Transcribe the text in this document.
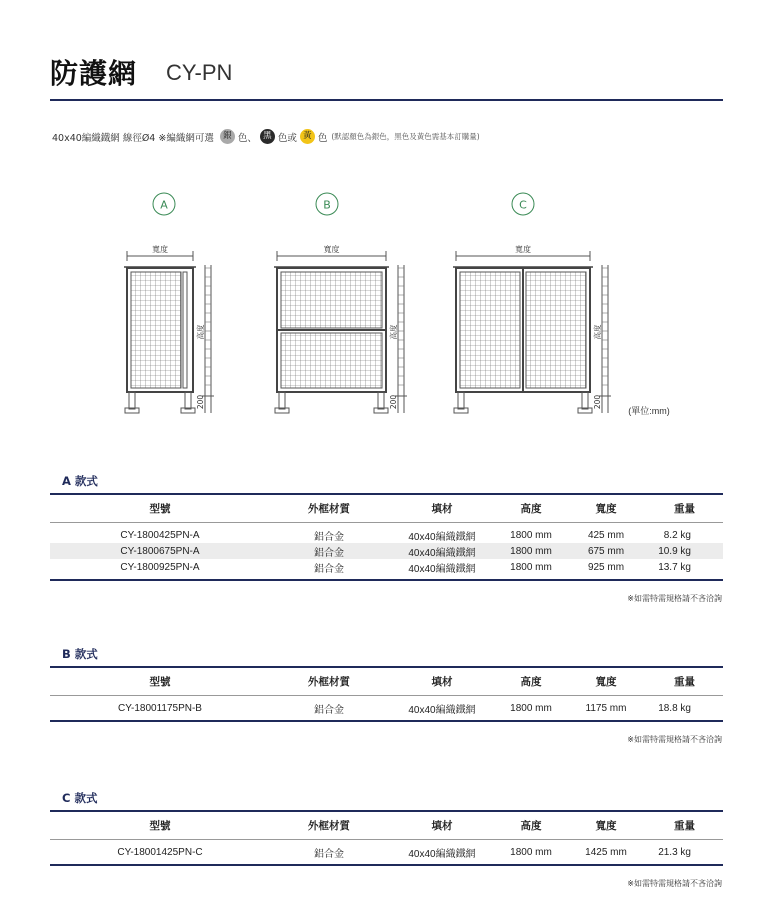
防護網 CY-PN
40x40編織鐵網 線徑Ø4 ※編織網可選	銀 色、 黑 色或 黃 色 (默認顏色為銀色，黑色及黃色需基本訂購量)
A
寬度
高度
200
B
寬度
高度
200
C
寬度
高度
200
(單位:mm)
A 款式
型號	外框材質	填材	高度	寬度	重量
CY-1800425PN-A	鋁合金	40x40編織鐵網	1800 mm	425 mm	8.2 kg
CY-1800675PN-A	鋁合金	40x40編織鐵網	1800 mm	675 mm	10.9 kg
CY-1800925PN-A	鋁合金	40x40編織鐵網	1800 mm	925 mm	13.7 kg
※如需特需規格請不吝洽詢
B 款式
型號	外框材質	填材	高度	寬度	重量
CY-18001175PN-B	鋁合金	40x40編織鐵網	1800 mm	1175 mm	18.8 kg
※如需特需規格請不吝洽詢
C 款式
型號	外框材質	填材	高度	寬度	重量
CY-18001425PN-C	鋁合金	40x40編織鐵網	1800 mm	1425 mm	21.3 kg
※如需特需規格請不吝洽詢
